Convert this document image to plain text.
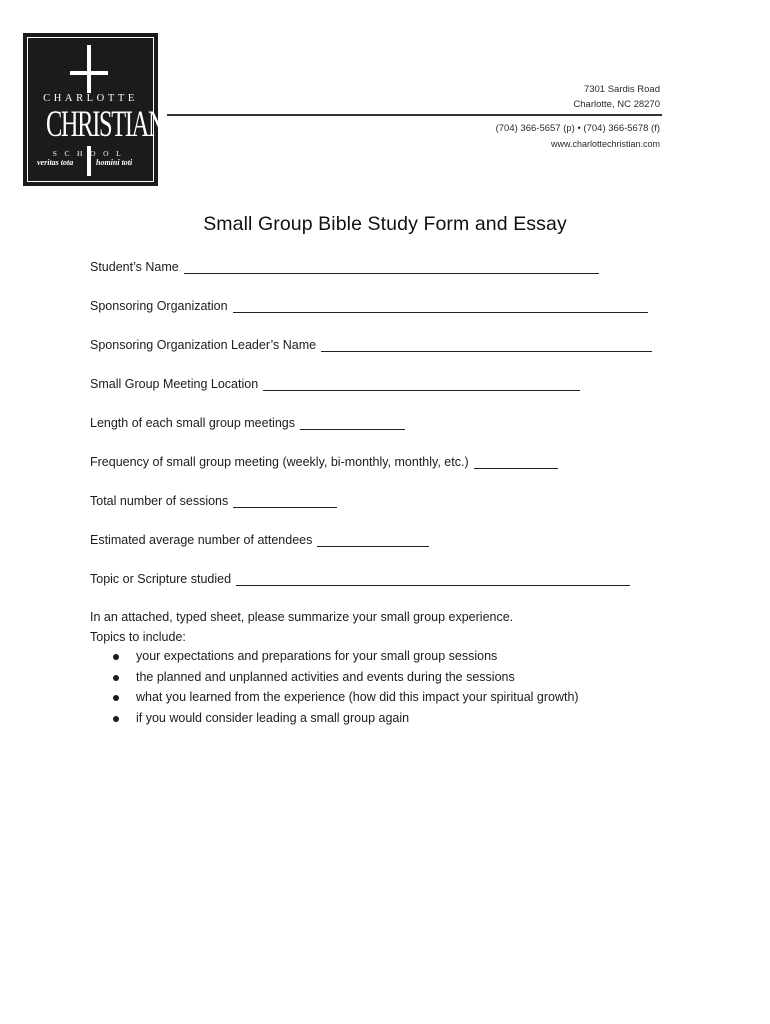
CHARLOTTE
CHRISTIAN
SCHOOL
veritas tota	homini toti
7301 Sardis Road
Charlotte, NC 28270
(704) 366-5657 (p) • (704) 366-5678 (f)
www.charlottechristian.com
Small Group Bible Study Form and Essay
Student’s Name
Sponsoring Organization
Sponsoring Organization Leader’s Name
Small Group Meeting Location
Length of each small group meetings
Frequency of small group meeting (weekly, bi-monthly, monthly, etc.)
Total number of sessions
Estimated average number of attendees
Topic or Scripture studied
In an attached, typed sheet, please summarize your small group experience.
Topics to include:
your expectations and preparations for your small group sessions
the planned and unplanned activities and events during the sessions
what you learned from the experience (how did this impact your spiritual growth)
if you would consider leading a small group again
